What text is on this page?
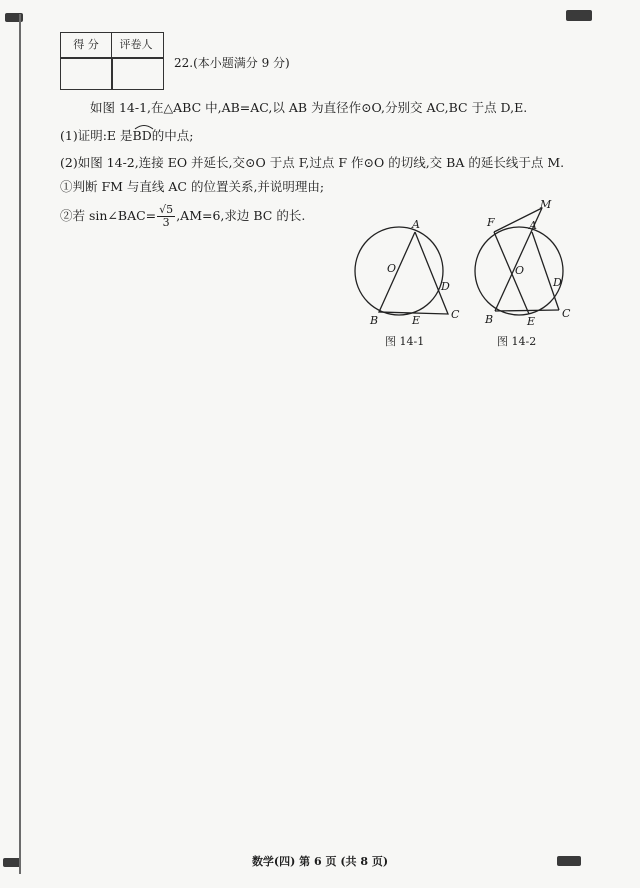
得 分	评卷人
22.(本小题满分 9 分)
如图 14-1,在△ABC 中,AB=AC,以 AB 为直径作⊙O,分别交 AC,BC 于点 D,E.
(1)证明:E 是
BD的中点;
(2)如图 14-2,连接 EO 并延长,交⊙O 于点 F,过点 F 作⊙O 的切线,交 BA 的延长线于点 M.
①判断 FM 与直线 AC 的位置关系,并说明理由;
②若 sin∠BAC= $\frac{√5}{3} ,AM=6$,求边 BC 的长.
A
O
D
B	E	C
图 14-1
F
M
A
O
D
B	E
C
图 14-2
数学(四) 第 6 页 (共 8 页)
